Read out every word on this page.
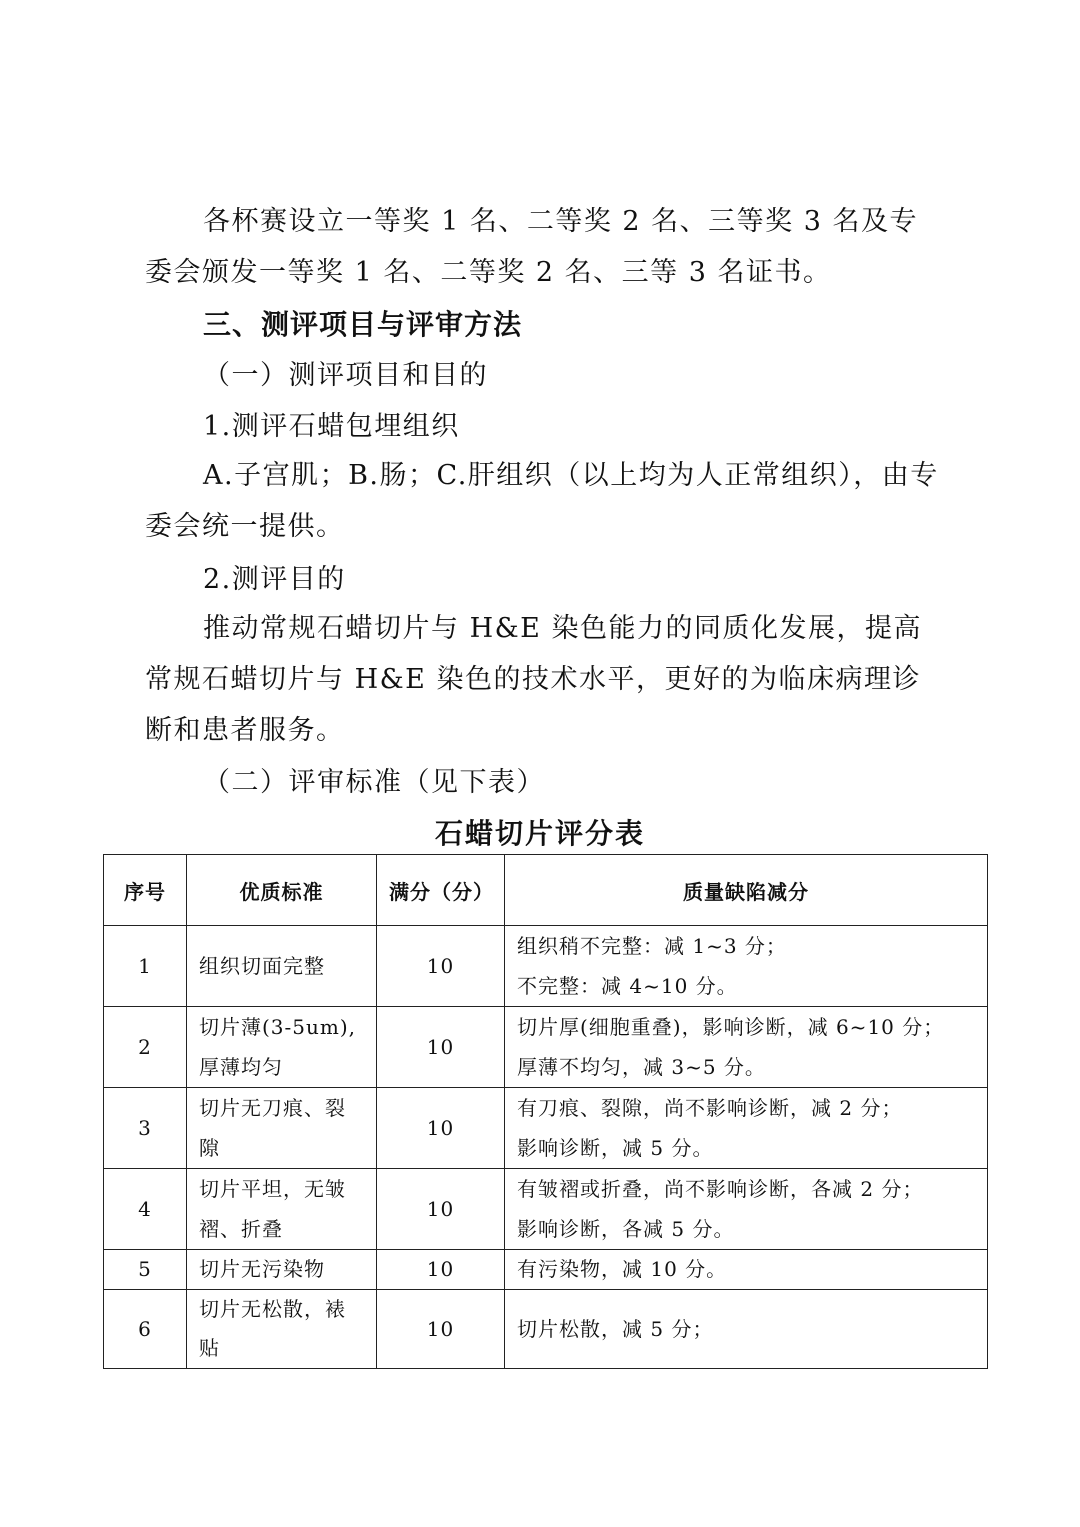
各杯赛设立一等奖 1 名、二等奖 2 名、三等奖 3 名及专委会颁发一等奖 1 名、二等奖 2 名、三等 3 名证书。

三、测评项目与评审方法

（一）测评项目和目的

1.测评石蜡包埋组织

A.子宫肌；B.肠；C.肝组织（以上均为人正常组织），由专委会统一提供。

2.测评目的

推动常规石蜡切片与 H&E 染色能力的同质化发展，提高常规石蜡切片与 H&E 染色的技术水平，更好的为临床病理诊断和患者服务。

（二）评审标准（见下表）

石蜡切片评分表

序号	优质标准	满分（分）	质量缺陷减分
1	组织切面完整	10	组织稍不完整：减 1~3 分；
不完整：减 4~10 分。

2	切片薄(3-5um),
厚薄均匀	10	切片厚(细胞重叠)，影响诊断，减 6~10 分；
厚薄不均匀，减 3~5 分。

3	切片无刀痕、裂隙	10	有刀痕、裂隙，尚不影响诊断，减 2 分；
影响诊断，减 5 分。

4	切片平坦，无皱
褶、折叠	10	有皱褶或折叠，尚不影响诊断，各减 2 分；
影响诊断，各减 5 分。

5	切片无污染物	10	有污染物，减 10 分。
6	切片无松散，裱贴	10	切片松散，减 5 分；
